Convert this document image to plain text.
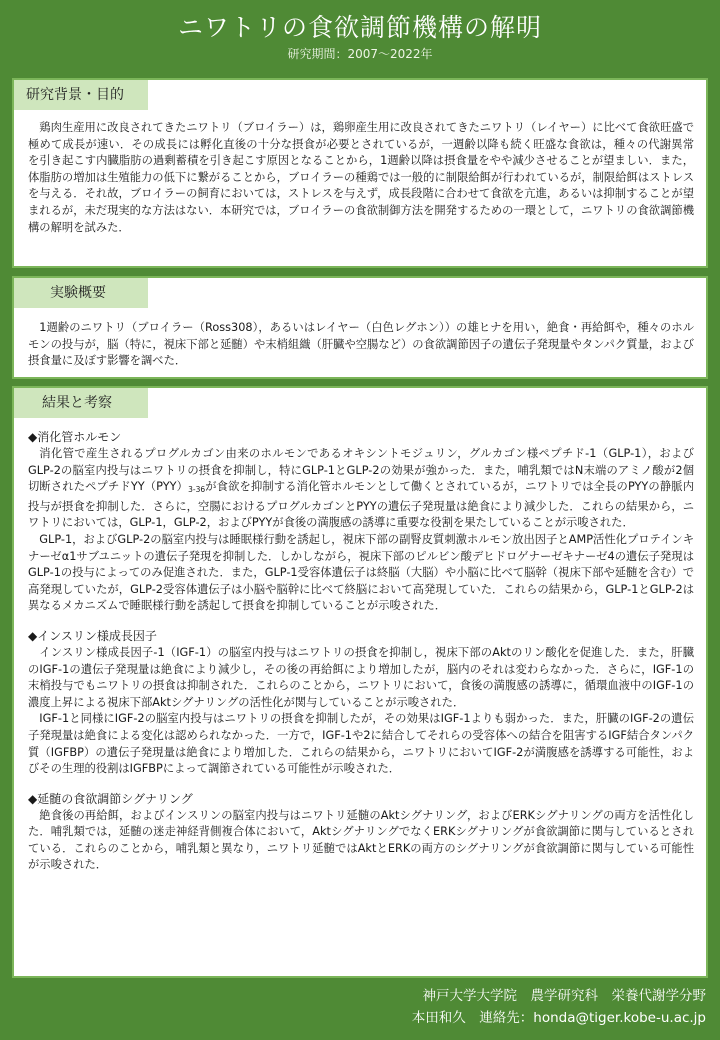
ニワトリの食欲調節機構の解明
研究期間：2007～2022年
研究背景・目的

鶏肉生産用に改良されてきたニワトリ（ブロイラー）は，鶏卵産生用に改良されてきたニワトリ（レイヤー）に比べて食欲旺盛で極めて成長が速い．その成長には孵化直後の十分な摂食が必要とされているが，一週齢以降も続く旺盛な食欲は，種々の代謝異常を引き起こす内臓脂肪の過剰蓄積を引き起こす原因となることから，1週齢以降は摂食量をやや減少させることが望ましい．また，体脂肪の増加は生殖能力の低下に繋がることから，ブロイラーの種鶏では一般的に制限給餌が行われているが，制限給餌はストレスを与える．それ故，ブロイラーの飼育においては，ストレスを与えず，成長段階に合わせて食欲を亢進，あるいは抑制することが望まれるが，未だ現実的な方法はない．本研究では，ブロイラーの食欲制御方法を開発するための一環として，ニワトリの食欲調節機構の解明を試みた．

実験概要

1週齢のニワトリ（ブロイラー（Ross308），あるいはレイヤー（白色レグホン））の雄ヒナを用い，絶食・再給餌や，種々のホルモンの投与が，脳（特に，視床下部と延髄）や末梢組織（肝臓や空腸など）の食欲調節因子の遺伝子発現量やタンパク質量，および摂食量に及ぼす影響を調べた．

結果と考察

◆消化管ホルモン

消化管で産生されるプログルカゴン由来のホルモンであるオキシントモジュリン，グルカゴン様ペプチド-1（GLP-1），およびGLP-2の脳室内投与はニワトリの摂食を抑制し，特にGLP-1とGLP-2の効果が強かった．また，哺乳類ではN末端のアミノ酸が2個切断されたペプチドYY（PYY）3-36が食欲を抑制する消化管ホルモンとして働くとされているが，ニワトリでは全長のPYYの静脈内投与が摂食を抑制した．さらに，空腸におけるプログルカゴンとPYYの遺伝子発現量は絶食により減少した．これらの結果から，ニワトリにおいては，GLP-1，GLP-2，およびPYYが食後の満腹感の誘導に重要な役割を果たしていることが示唆された．

GLP-1，およびGLP-2の脳室内投与は睡眠様行動を誘起し，視床下部の副腎皮質刺激ホルモン放出因子とAMP活性化プロテインキナーゼα1サブユニットの遺伝子発現を抑制した．しかしながら，視床下部のピルビン酸デヒドロゲナーゼキナーゼ4の遺伝子発現はGLP-1の投与によってのみ促進された．また，GLP-1受容体遺伝子は終脳（大脳）や小脳に比べて脳幹（視床下部や延髄を含む）で高発現していたが，GLP-2受容体遺伝子は小脳や脳幹に比べて終脳において高発現していた．これらの結果から，GLP-1とGLP-2は異なるメカニズムで睡眠様行動を誘起して摂食を抑制していることが示唆された．

◆インスリン様成長因子

インスリン様成長因子-1（IGF-1）の脳室内投与はニワトリの摂食を抑制し，視床下部のAktのリン酸化を促進した．また，肝臓のIGF-1の遺伝子発現量は絶食により減少し，その後の再給餌により増加したが，脳内のそれは変わらなかった．さらに，IGF-1の末梢投与でもニワトリの摂食は抑制された．これらのことから，ニワトリにおいて，食後の満腹感の誘導に，循環血液中のIGF-1の濃度上昇による視床下部Aktシグナリングの活性化が関与していることが示唆された．

IGF-1と同様にIGF-2の脳室内投与はニワトリの摂食を抑制したが，その効果はIGF-1よりも弱かった．また，肝臓のIGF-2の遺伝子発現量は絶食による変化は認められなかった．一方で，IGF-1や2に結合してそれらの受容体への結合を阻害するIGF結合タンパク質（IGFBP）の遺伝子発現量は絶食により増加した．これらの結果から，ニワトリにおいてIGF-2が満腹感を誘導する可能性，およびその生理的役割はIGFBPによって調節されている可能性が示唆された．

◆延髄の食欲調節シグナリング

絶食後の再給餌，およびインスリンの脳室内投与はニワトリ延髄のAktシグナリング，およびERKシグナリングの両方を活性化した．哺乳類では，延髄の迷走神経背側複合体において，AktシグナリングでなくERKシグナリングが食欲調節に関与しているとされている．これらのことから，哺乳類と異なり，ニワトリ延髄ではAktとERKの両方のシグナリングが食欲調節に関与している可能性が示唆された．

神戸大学大学院　農学研究科　栄養代謝学分野
本田和久　連絡先：honda@tiger.kobe-u.ac.jp
